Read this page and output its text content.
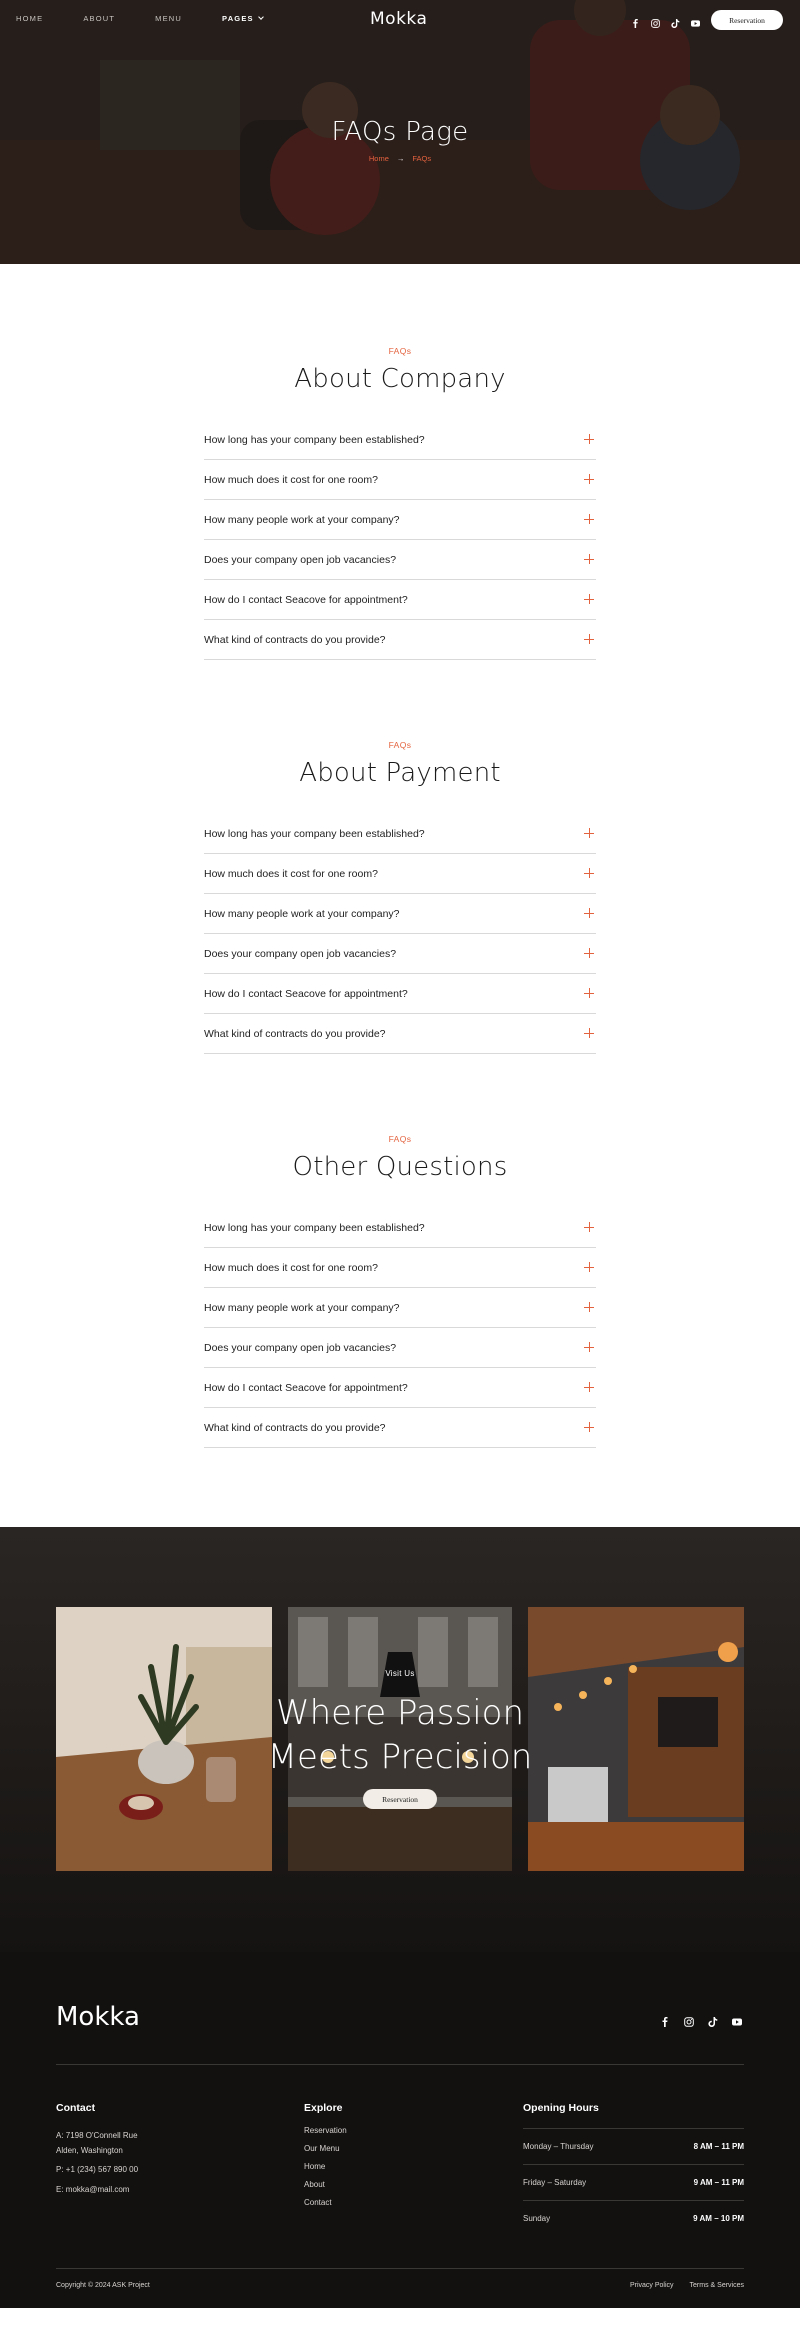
HOME	ABOUT	MENU	PAGES	Mokka	Reservation
FAQs Page
Home → FAQs
FAQs
About Company
How long has your company been established?
How much does it cost for one room?
How many people work at your company?
Does your company open job vacancies?
How do I contact Seacove for appointment?
What kind of contracts do you provide?
FAQs
About Payment
How long has your company been established?
How much does it cost for one room?
How many people work at your company?
Does your company open job vacancies?
How do I contact Seacove for appointment?
What kind of contracts do you provide?
FAQs
Other Questions
How long has your company been established?
How much does it cost for one room?
How many people work at your company?
Does your company open job vacancies?
How do I contact Seacove for appointment?
What kind of contracts do you provide?
Visit Us
Where Passion
Meets Precision
Reservation
Mokka
Contact
A: 7198 O'Connell Rue
Alden, Washington
P: +1 (234) 567 890 00
E: mokka@mail.com
Explore
Reservation
Our Menu
Home
About
Contact
Opening Hours
Monday – Thursday	8 AM – 11 PM
Friday – Saturday	9 AM – 11 PM
Sunday	9 AM – 10 PM
Copyright © 2024 ASK Project	Privacy Policy Terms & Services
